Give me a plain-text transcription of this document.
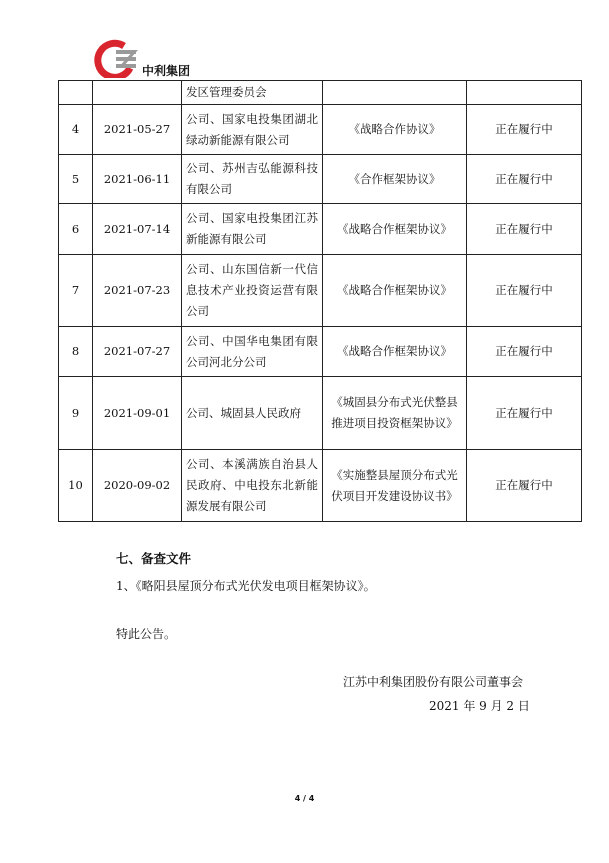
中利集团
		发区管理委员会		
4	2021-05-27	公司、国家电投集团湖北绿动新能源有限公司	《战略合作协议》	正在履行中
5	2021-06-11	公司、苏州吉弘能源科技有限公司	《合作框架协议》	正在履行中
6	2021-07-14	公司、国家电投集团江苏新能源有限公司	《战略合作框架协议》	正在履行中
7	2021-07-23	公司、山东国信新一代信息技术产业投资运营有限公司	《战略合作框架协议》	正在履行中
8	2021-07-27	公司、中国华电集团有限公司河北分公司	《战略合作框架协议》	正在履行中
9	2021-09-01	公司、城固县人民政府	《城固县分布式光伏整县推进项目投资框架协议》	正在履行中
10	2020-09-02	公司、本溪满族自治县人民政府、中电投东北新能源发展有限公司	《实施整县屋顶分布式光伏项目开发建设协议书》	正在履行中
七、备查文件
1、《略阳县屋顶分布式光伏发电项目框架协议》。
特此公告。
江苏中利集团股份有限公司董事会
2021 年 9 月 2 日
4 / 4
